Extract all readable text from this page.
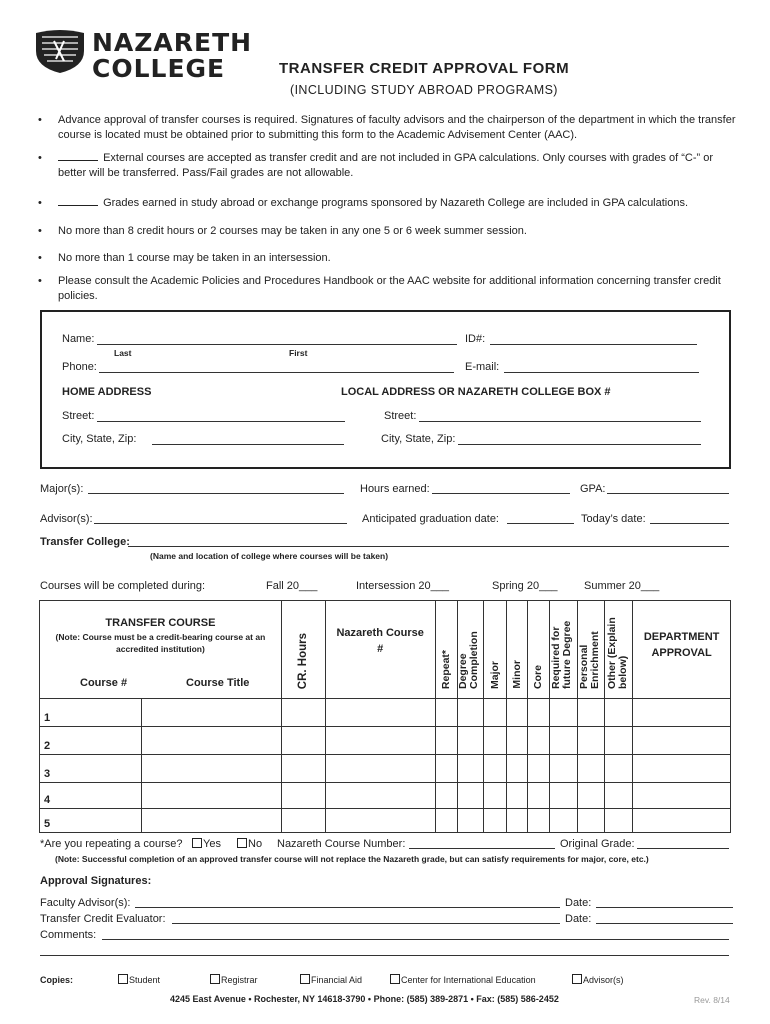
NAZARETH
COLLEGE	TRANSFER CREDIT APPROVAL FORM
(INCLUDING STUDY ABROAD PROGRAMS)
• Advance approval of transfer courses is required. Signatures of faculty advisors and the chairperson of the department in which the transfer course is located must be obtained prior to submitting this form to the Academic Advisement Center (AAC).
•	External courses are accepted as transfer credit and are not included in GPA calculations. Only courses with grades of “C-” or better will be transferred. Pass/Fail grades are not allowable.
•	Grades earned in study abroad or exchange programs sponsored by Nazareth College are included in GPA calculations.
• No more than 8 credit hours or 2 courses may be taken in any one 5 or 6 week summer session.
• No more than 1 course may be taken in an intersession.
• Please consult the Academic Policies and Procedures Handbook or the AAC website for additional information concerning transfer credit policies.
Name:	ID#:
Last	First
Phone:	E-mail:
HOME ADDRESS	LOCAL ADDRESS OR NAZARETH COLLEGE BOX #
Street:	Street:
City, State, Zip:	City, State, Zip:
Major(s):	Hours earned:	GPA:
Advisor(s):	Anticipated graduation date:	Today’s date:
Transfer College:
(Name and location of college where courses will be taken)
Courses will be completed during:	Fall 20___	Intersession 20___	Spring 20___ Summer 20___
TRANSFER COURSE
(Note: Course must be a credit-bearing course at an accredited institution)
Course # Course Title		CR. Hours	Nazareth Course #	Repeat*	Degree Completion	Major	Minor	Core	Required for future Degree	Personal Enrichment	Other (Explain below)	DEPARTMENT APPROVAL
1												
2												
3												
4												
5												
*Are you repeating a course?	Yes	No Nazareth Course Number:	Original Grade:
(Note: Successful completion of an approved transfer course will not replace the Nazareth grade, but can satisfy requirements for major, core, etc.)
Approval Signatures:
Faculty Advisor(s):	Date:
Transfer Credit Evaluator:	Date:
Comments:
Copies:	Student	Registrar	Financial Aid	Center for International Education	Advisor(s)
4245 East Avenue • Rochester, NY 14618-3790 • Phone: (585) 389-2871 • Fax: (585) 586-2452	Rev. 8/14
